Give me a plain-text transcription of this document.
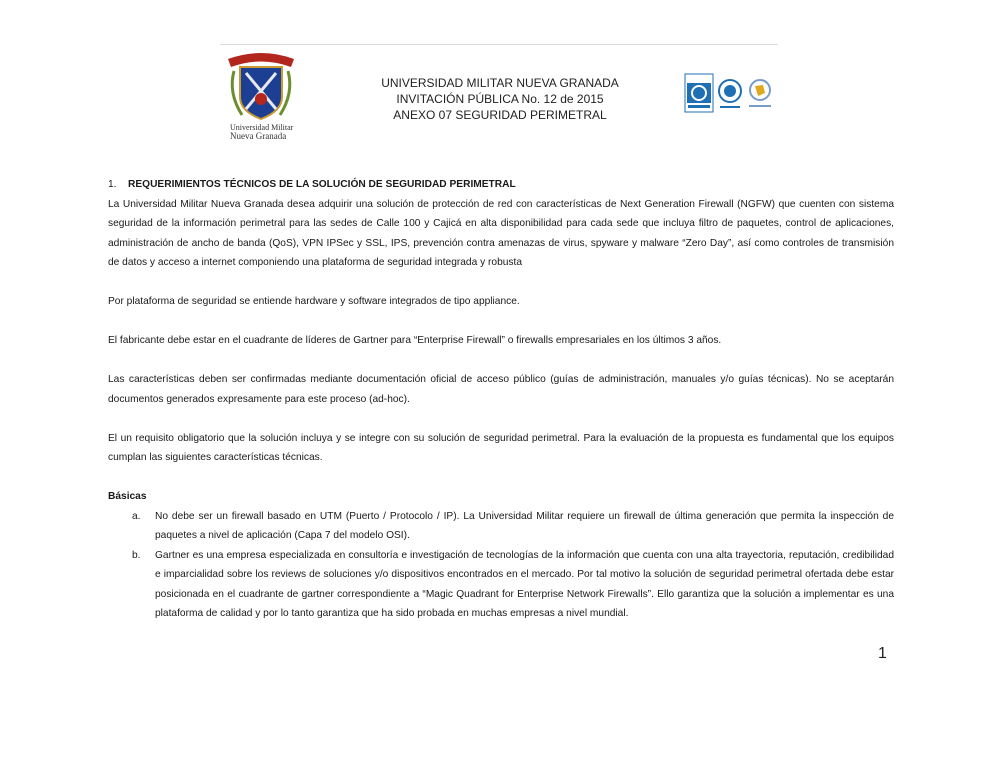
Universidad Militar
Nueva Granada
UNIVERSIDAD MILITAR NUEVA GRANADA
INVITACIÓN PÚBLICA No. 12 de 2015
ANEXO 07 SEGURIDAD PERIMETRAL

1. REQUERIMIENTOS TÉCNICOS DE LA SOLUCIÓN DE SEGURIDAD PERIMETRAL

La Universidad Militar Nueva Granada desea adquirir una solución de protección de red con características de Next Generation Firewall (NGFW) que cuenten con sistema seguridad de la información perimetral para las sedes de Calle 100 y Cajicá en alta disponibilidad para cada sede que incluya filtro de paquetes, control de aplicaciones, administración de ancho de banda (QoS), VPN IPSec y SSL, IPS, prevención contra amenazas de virus, spyware y malware “Zero Day”, así como controles de transmisión de datos y acceso a internet componiendo una plataforma de seguridad integrada y robusta

Por plataforma de seguridad se entiende hardware y software integrados de tipo appliance.

El fabricante debe estar en el cuadrante de líderes de Gartner para “Enterprise Firewall” o firewalls empresariales en los últimos 3 años.

Las características deben ser confirmadas mediante documentación oficial de acceso público (guías de administración, manuales y/o guías técnicas). No se aceptarán documentos generados expresamente para este proceso (ad-hoc).

El un requisito obligatorio que la solución incluya y se integre con su solución de seguridad perimetral. Para la evaluación de la propuesta es fundamental que los equipos cumplan las siguientes características técnicas.

Básicas

a. No debe ser un firewall basado en UTM (Puerto / Protocolo / IP). La Universidad Militar requiere un firewall de última generación que permita la inspección de paquetes a nivel de aplicación (Capa 7 del modelo OSI).

b. Gartner es una empresa especializada en consultoría e investigación de tecnologías de la información que cuenta con una alta trayectoria, reputación, credibilidad e imparcialidad sobre los reviews de soluciones y/o dispositivos encontrados en el mercado. Por tal motivo la solución de seguridad perimetral ofertada debe estar posicionada en el cuadrante de gartner correspondiente a “Magic Quadrant for Enterprise Network Firewalls”. Ello garantiza que la solución a implementar es una plataforma de calidad y por lo tanto garantiza que ha sido probada en muchas empresas a nivel mundial.

1
